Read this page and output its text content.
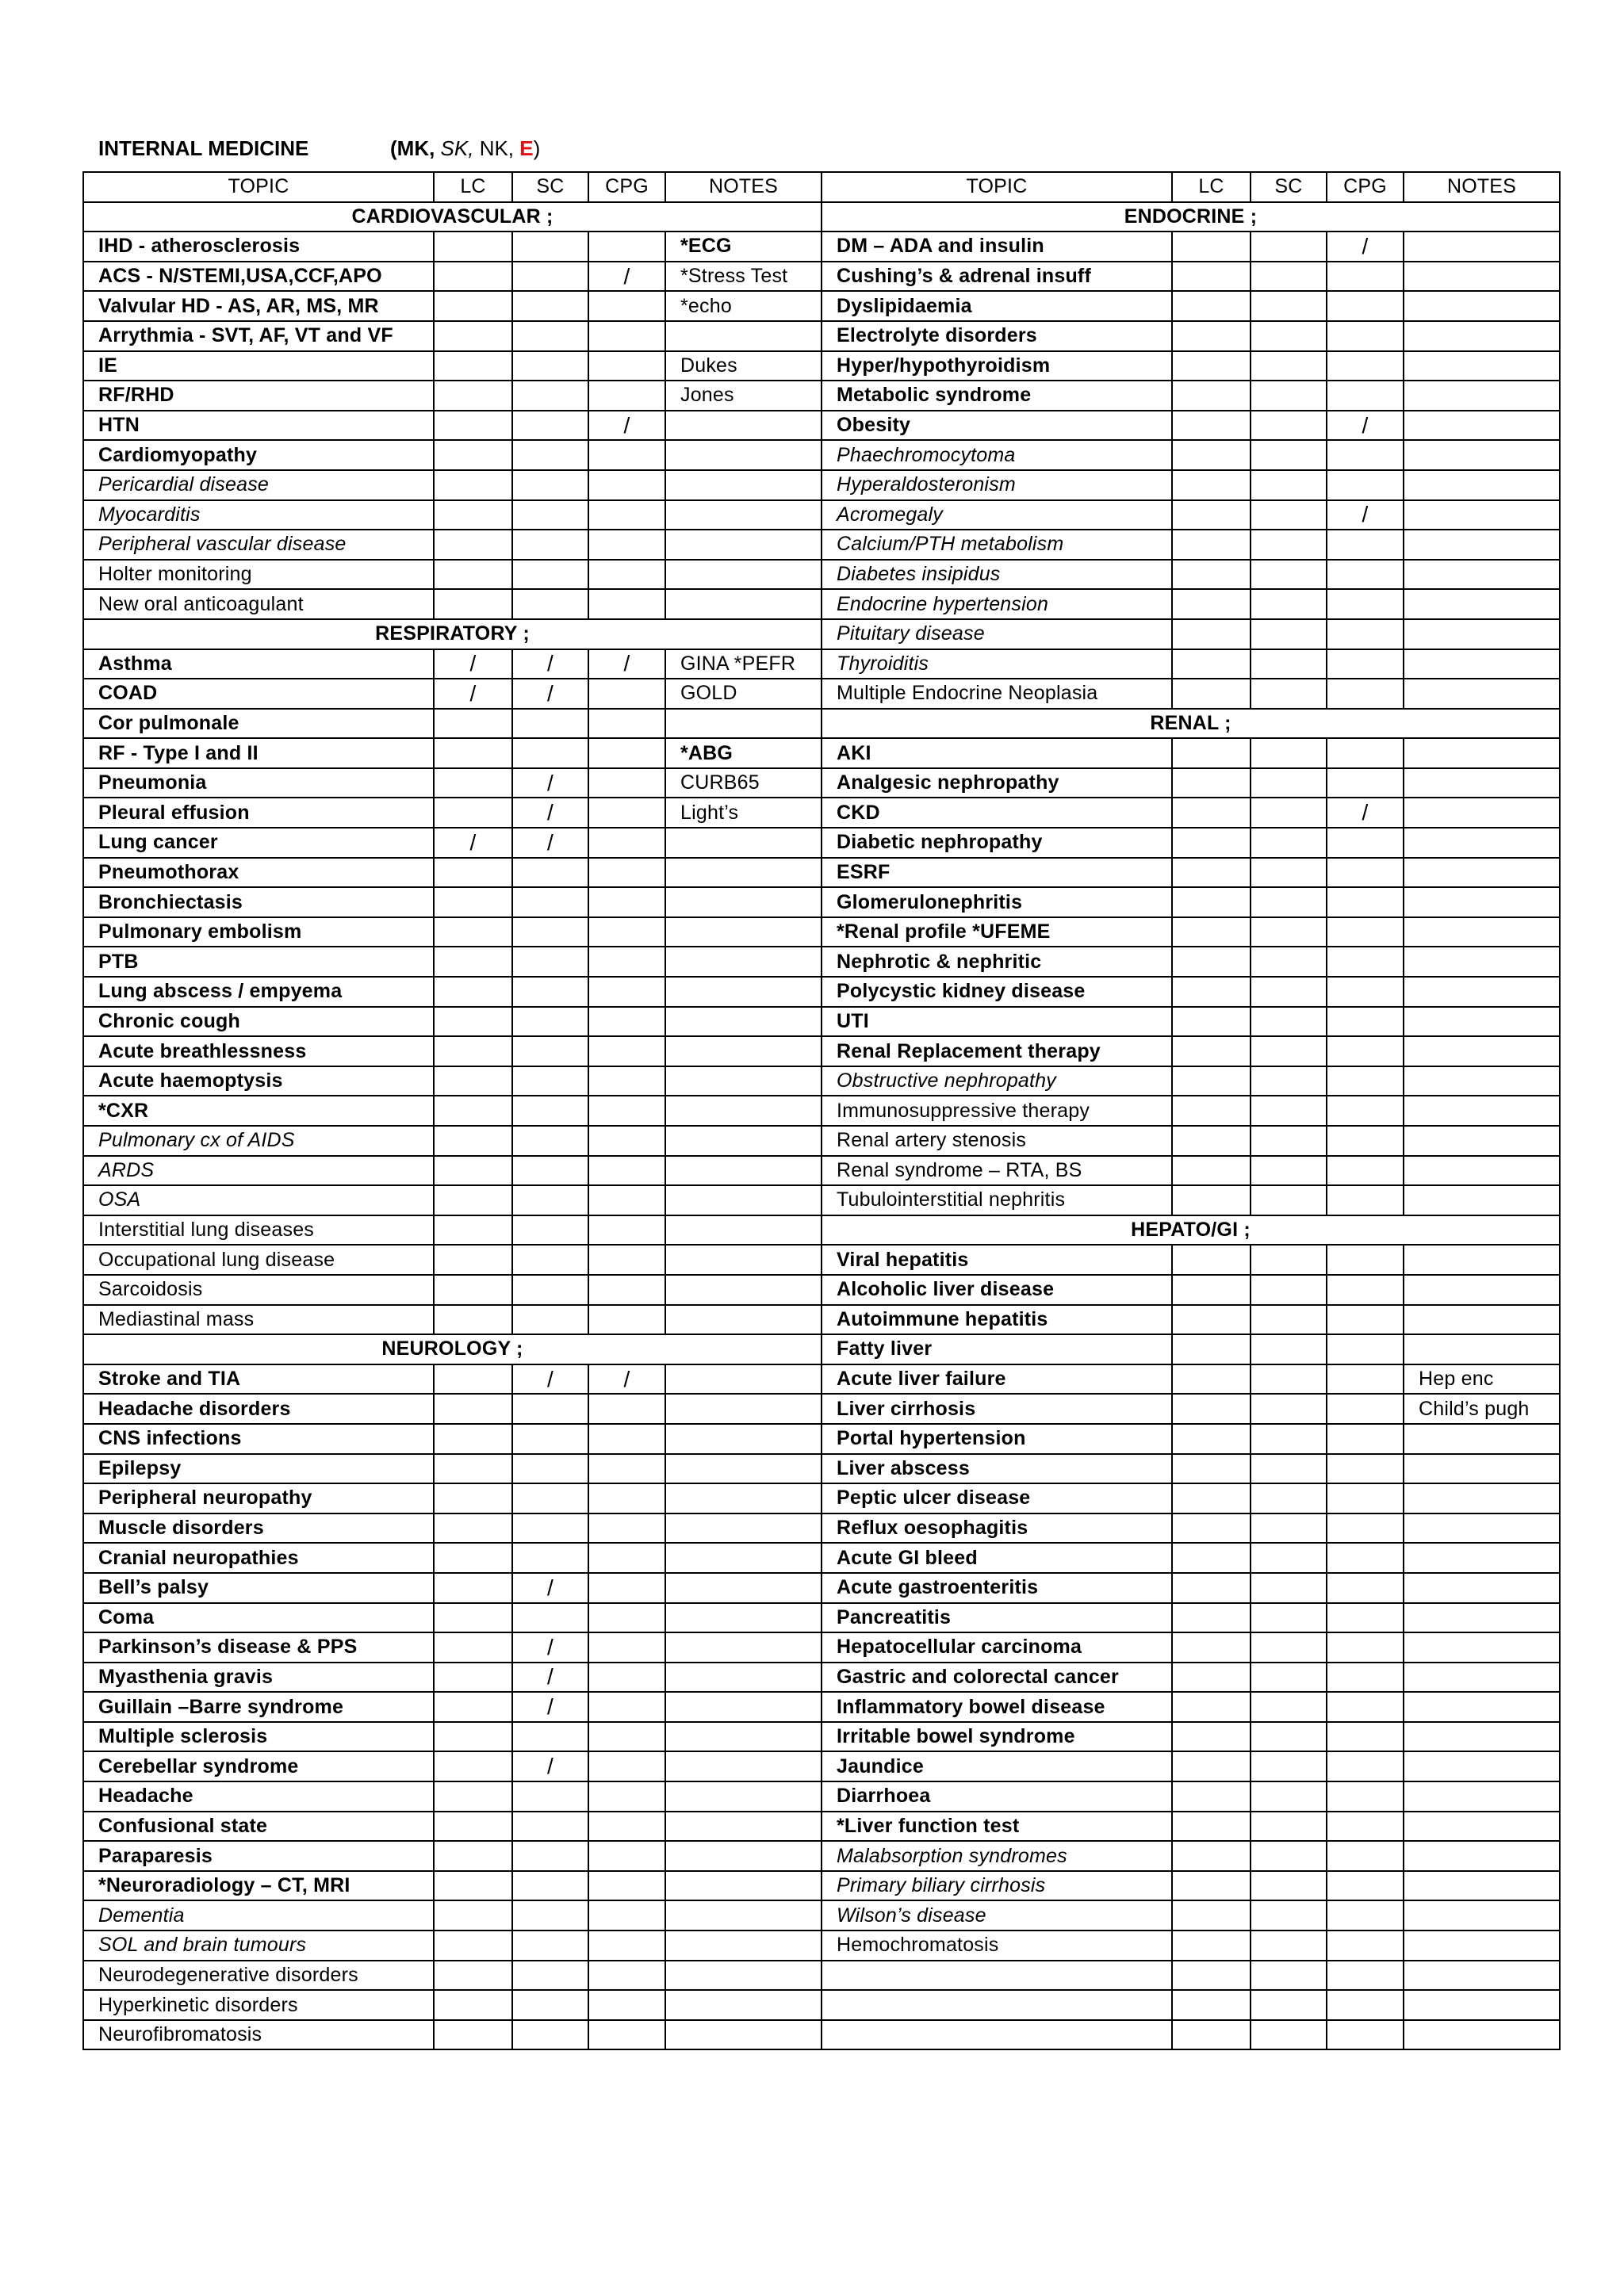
INTERNAL MEDICINE	(MK, SK, NK, E)
TOPIC	LC	SC	CPG	NOTES	TOPIC	LC	SC	CPG	NOTES
CARDIOVASCULAR ;					ENDOCRINE ;				
IHD - atherosclerosis				*ECG	DM – ADA and insulin			/	
ACS - N/STEMI,USA,CCF,APO			/	*Stress Test	Cushing’s & adrenal insuff				
Valvular HD - AS, AR, MS, MR				*echo	Dyslipidaemia				
Arrythmia - SVT, AF, VT and VF					Electrolyte disorders				
IE				Dukes	Hyper/hypothyroidism				
RF/RHD				Jones	Metabolic syndrome				
HTN			/		Obesity			/	
Cardiomyopathy					Phaechromocytoma				
Pericardial disease					Hyperaldosteronism				
Myocarditis					Acromegaly			/	
Peripheral vascular disease					Calcium/PTH metabolism				
Holter monitoring					Diabetes insipidus				
New oral anticoagulant					Endocrine hypertension				
RESPIRATORY ;					Pituitary disease				
Asthma	/	/	/	GINA *PEFR	Thyroiditis				
COAD	/	/		GOLD	Multiple Endocrine Neoplasia				
Cor pulmonale					RENAL ;				
RF - Type I and II				*ABG	AKI				
Pneumonia		/		CURB65	Analgesic nephropathy				
Pleural effusion		/		Light’s	CKD			/	
Lung cancer	/	/			Diabetic nephropathy				
Pneumothorax					ESRF				
Bronchiectasis					Glomerulonephritis				
Pulmonary embolism					*Renal profile *UFEME				
PTB					Nephrotic & nephritic				
Lung abscess / empyema					Polycystic kidney disease				
Chronic cough					UTI				
Acute breathlessness					Renal Replacement therapy				
Acute haemoptysis					Obstructive nephropathy				
*CXR					Immunosuppressive therapy				
Pulmonary cx of AIDS					Renal artery stenosis				
ARDS					Renal syndrome – RTA, BS				
OSA					Tubulointerstitial nephritis				
Interstitial lung diseases					HEPATO/GI ;				
Occupational lung disease					Viral hepatitis				
Sarcoidosis					Alcoholic liver disease				
Mediastinal mass					Autoimmune hepatitis				
NEUROLOGY ;					Fatty liver				
Stroke and TIA		/	/		Acute liver failure				Hep enc
Headache disorders					Liver cirrhosis				Child’s pugh
CNS infections					Portal hypertension				
Epilepsy					Liver abscess				
Peripheral neuropathy					Peptic ulcer disease				
Muscle disorders					Reflux oesophagitis				
Cranial neuropathies					Acute GI bleed				
Bell’s palsy		/			Acute gastroenteritis				
Coma					Pancreatitis				
Parkinson’s disease & PPS		/			Hepatocellular carcinoma				
Myasthenia gravis		/			Gastric and colorectal cancer				
Guillain –Barre syndrome		/			Inflammatory bowel disease				
Multiple sclerosis					Irritable bowel syndrome				
Cerebellar syndrome		/			Jaundice				
Headache					Diarrhoea				
Confusional state					*Liver function test				
Paraparesis					Malabsorption syndromes				
*Neuroradiology – CT, MRI					Primary biliary cirrhosis				
Dementia					Wilson’s disease				
SOL and brain tumours					Hemochromatosis				
Neurodegenerative disorders									
Hyperkinetic disorders									
Neurofibromatosis									
